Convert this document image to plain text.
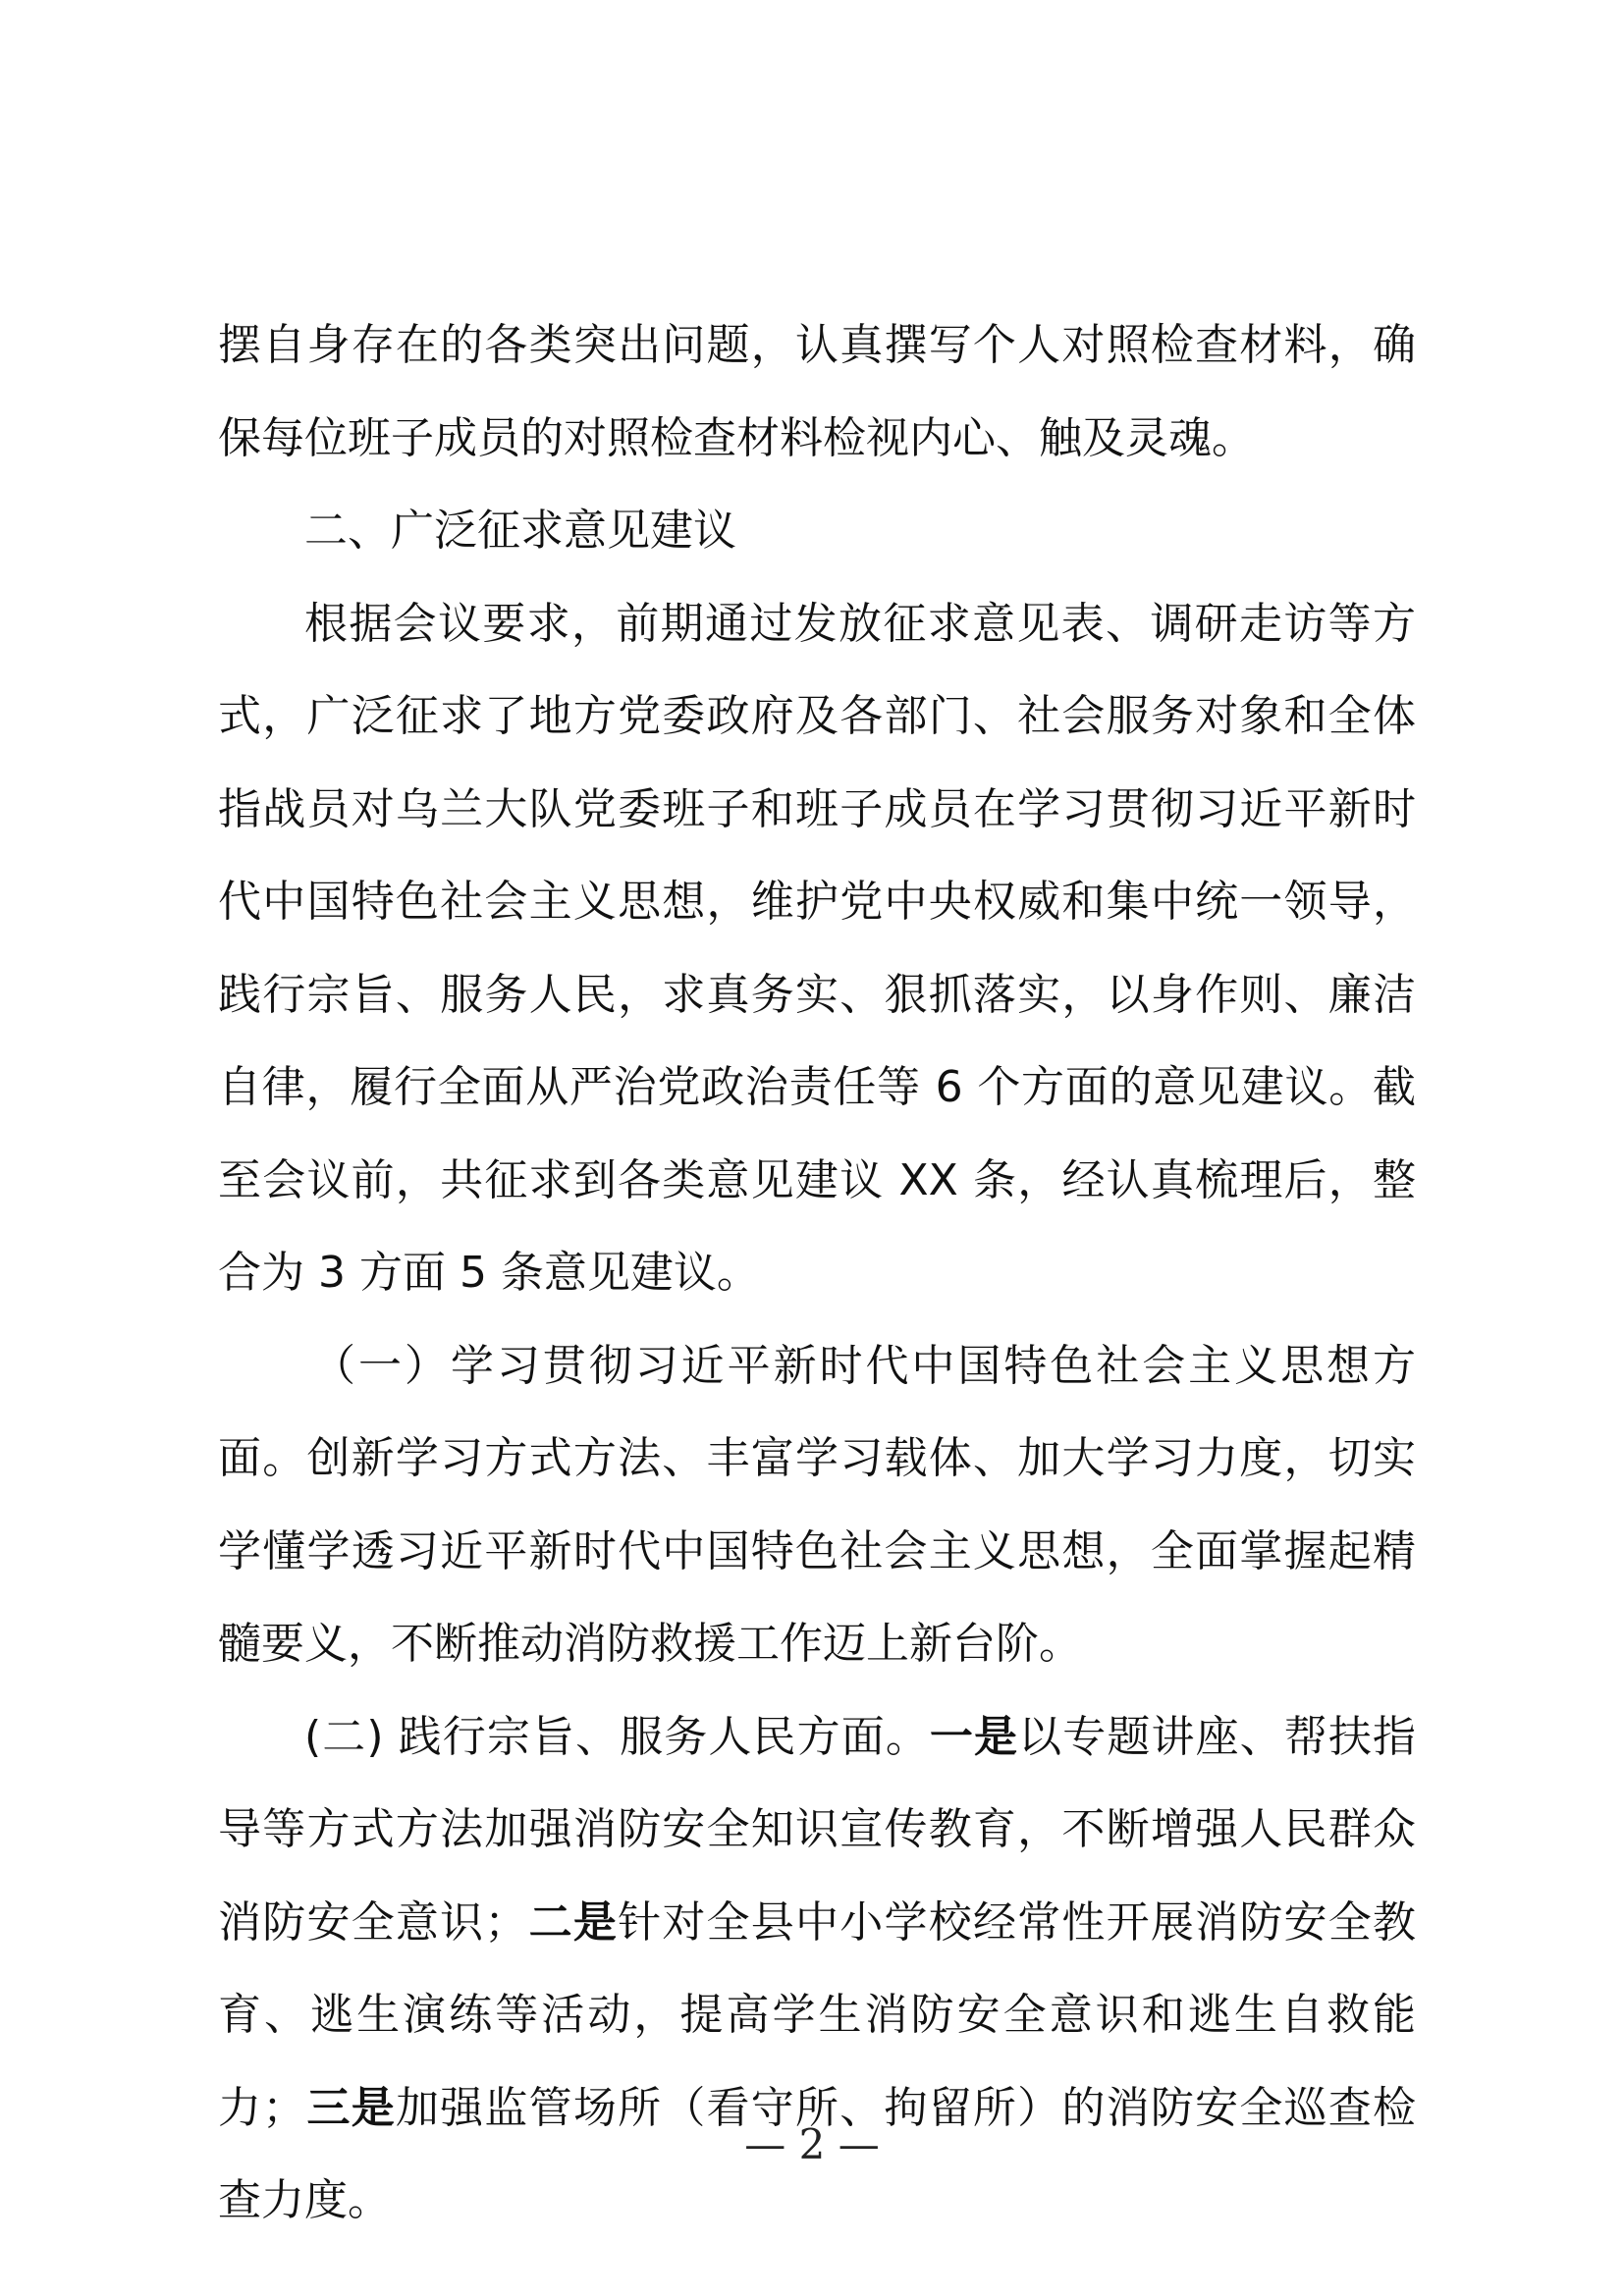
摆自身存在的各类突出问题，认真撰写个人对照检查材料，确保每位班子成员的对照检查材料检视内心、触及灵魂。

二、广泛征求意见建议

根据会议要求，前期通过发放征求意见表、调研走访等方式，广泛征求了地方党委政府及各部门、社会服务对象和全体指战员对乌兰大队党委班子和班子成员在学习贯彻习近平新时代中国特色社会主义思想，维护党中央权威和集中统一领导，践行宗旨、服务人民，求真务实、狠抓落实，以身作则、廉洁自律，履行全面从严治党政治责任等 6 个方面的意见建议。截至会议前，共征求到各类意见建议 XX 条，经认真梳理后，整合为 3 方面 5 条意见建议。

（一）学习贯彻习近平新时代中国特色社会主义思想方面。创新学习方式方法、丰富学习载体、加大学习力度，切实学懂学透习近平新时代中国特色社会主义思想，全面掌握起精髓要义，不断推动消防救援工作迈上新台阶。

(二) 践行宗旨、服务人民方面。一是以专题讲座、帮扶指导等方式方法加强消防安全知识宣传教育，不断增强人民群众消防安全意识；二是针对全县中小学校经常性开展消防安全教育、逃生演练等活动，提高学生消防安全意识和逃生自救能力；三是加强监管场所（看守所、拘留所）的消防安全巡查检查力度。

— 2 —
